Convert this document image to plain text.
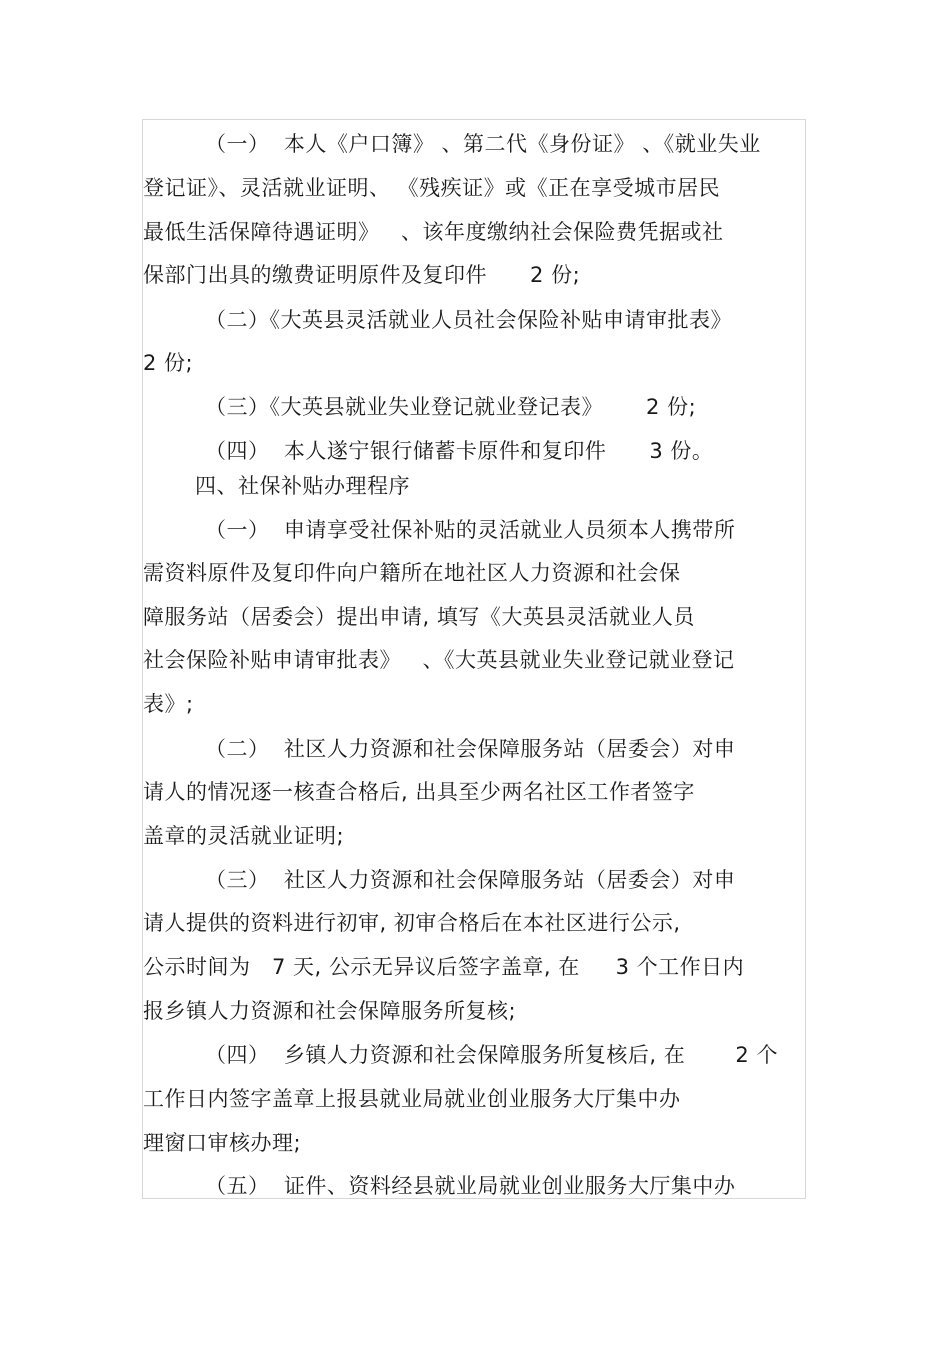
（一）  本人《户口簿》 、第二代《身份证》 、《就业失业
登记证》、灵活就业证明、 《残疾证》或《正在享受城市居民
最低生活保障待遇证明》   、该年度缴纳社会保险费凭据或社
保部门出具的缴费证明原件及复印件      2 份;
（二）《大英县灵活就业人员社会保险补贴申请审批表》
2 份;
（三）《大英县就业失业登记就业登记表》      2 份;
（四）  本人遂宁银行储蓄卡原件和复印件      3 份。
四、社保补贴办理程序
（一）  申请享受社保补贴的灵活就业人员须本人携带所
需资料原件及复印件向户籍所在地社区人力资源和社会保
障服务站（居委会）提出申请, 填写《大英县灵活就业人员
社会保险补贴申请审批表》   、《大英县就业失业登记就业登记
表》;
（二）  社区人力资源和社会保障服务站（居委会）对申
请人的情况逐一核查合格后, 出具至少两名社区工作者签字
盖章的灵活就业证明;
（三）  社区人力资源和社会保障服务站（居委会）对申
请人提供的资料进行初审, 初审合格后在本社区进行公示,
公示时间为   7 天, 公示无异议后签字盖章, 在     3 个工作日内
报乡镇人力资源和社会保障服务所复核;
（四）  乡镇人力资源和社会保障服务所复核后, 在       2 个
工作日内签字盖章上报县就业局就业创业服务大厅集中办
理窗口审核办理;
（五）  证件、资料经县就业局就业创业服务大厅集中办
